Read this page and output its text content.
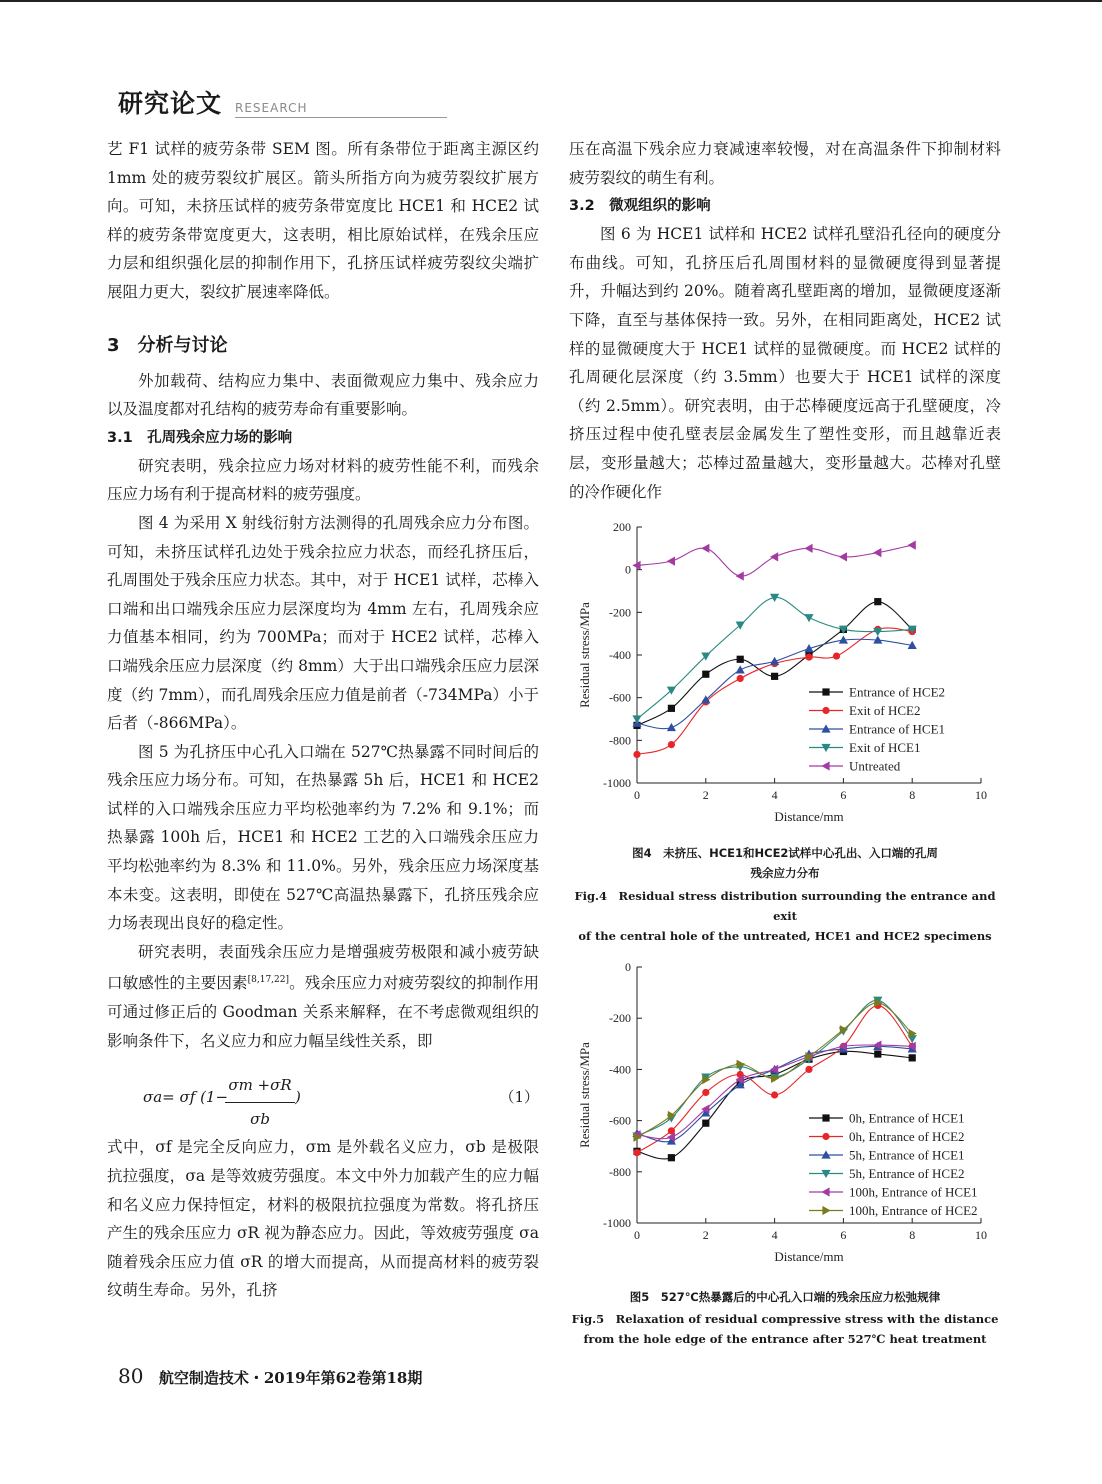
研究论文 RESEARCH

艺 F1 试样的疲劳条带 SEM 图。所有条带位于距离主源区约 1mm 处的疲劳裂纹扩展区。箭头所指方向为疲劳裂纹扩展方向。可知，未挤压试样的疲劳条带宽度比 HCE1 和 HCE2 试样的疲劳条带宽度更大，这表明，相比原始试样，在残余压应力层和组织强化层的抑制作用下，孔挤压试样疲劳裂纹尖端扩展阻力更大，裂纹扩展速率降低。

3　分析与讨论

外加载荷、结构应力集中、表面微观应力集中、残余应力以及温度都对孔结构的疲劳寿命有重要影响。

3.1　孔周残余应力场的影响

研究表明，残余拉应力场对材料的疲劳性能不利，而残余压应力场有利于提高材料的疲劳强度。

图 4 为采用 X 射线衍射方法测得的孔周残余应力分布图。可知，未挤压试样孔边处于残余拉应力状态，而经孔挤压后，孔周围处于残余压应力状态。其中，对于 HCE1 试样，芯棒入口端和出口端残余压应力层深度均为 4mm 左右，孔周残余应力值基本相同，约为 700MPa；而对于 HCE2 试样，芯棒入口端残余压应力层深度（约 8mm）大于出口端残余压应力层深度（约 7mm），而孔周残余压应力值是前者（-734MPa）小于后者（-866MPa）。

图 5 为孔挤压中心孔入口端在 527℃热暴露不同时间后的残余压应力场分布。可知，在热暴露 5h 后，HCE1 和 HCE2 试样的入口端残余压应力平均松弛率约为 7.2% 和 9.1%；而热暴露 100h 后，HCE1 和 HCE2 工艺的入口端残余压应力平均松弛率约为 8.3% 和 11.0%。另外，残余压应力场深度基本未变。这表明，即使在 527℃高温热暴露下，孔挤压残余应力场表现出良好的稳定性。

研究表明，表面残余压应力是增强疲劳极限和减小疲劳缺口敏感性的主要因素[8,17,22]。残余压应力对疲劳裂纹的抑制作用可通过修正后的 Goodman 关系来解释，在不考虑微观组织的影响条件下，名义应力和应力幅呈线性关系，即

σa= σf (1−
$\frac{\sigma m +\sigma R}{\sigma b}$ )	（1）

式中，σf 是完全反向应力，σm 是外载名义应力，σb 是极限抗拉强度，σa 是等效疲劳强度。本文中外力加载产生的应力幅和名义应力保持恒定，材料的极限抗拉强度为常数。将孔挤压产生的残余压应力 σR 视为静态应力。因此，等效疲劳强度 σa 随着残余压应力值 σR 的增大而提高，从而提高材料的疲劳裂纹萌生寿命。另外，孔挤

压在高温下残余应力衰减速率较慢，对在高温条件下抑制材料疲劳裂纹的萌生有利。

3.2　微观组织的影响

图 6 为 HCE1 试样和 HCE2 试样孔壁沿孔径向的硬度分布曲线。可知，孔挤压后孔周围材料的显微硬度得到显著提升，升幅达到约 20%。随着离孔壁距离的增加，显微硬度逐渐下降，直至与基体保持一致。另外，在相同距离处，HCE2 试样的显微硬度大于 HCE1 试样的显微硬度。而 HCE2 试样的孔周硬化层深度（约 3.5mm）也要大于 HCE1 试样的深度（约 2.5mm）。研究表明，由于芯棒硬度远高于孔壁硬度，冷挤压过程中使孔壁表层金属发生了塑性变形，而且越靠近表层，变形量越大；芯棒过盈量越大，变形量越大。芯棒对孔壁的冷作硬化作

200
0
-200
-400
-600
-800
-1000
0	2	4	6	8	10
Distance/mm
Residual stress/MPa	Entrance of HCE2
Exit of HCE2
Entrance of HCE1
Exit of HCE1
Untreated
图4　未挤压、HCE1和HCE2试样中心孔出、入口端的孔周
残余应力分布
Fig.4　Residual stress distribution surrounding the entrance and exit
of the central hole of the untreated, HCE1 and HCE2 specimens
0
-200
-400
-600
-800
-1000
0	2	4	6	8	10
Distance/mm
Residual stress/MPa	0h, Entrance of HCE1
0h, Entrance of HCE2
5h, Entrance of HCE1
5h, Entrance of HCE2
100h, Entrance of HCE1
100h, Entrance of HCE2
图5　527℃热暴露后的中心孔入口端的残余压应力松弛规律
Fig.5　Relaxation of residual compressive stress with the distance
from the hole edge of the entrance after 527℃ heat treatment
80 航空制造技术・2019年第62卷第18期
